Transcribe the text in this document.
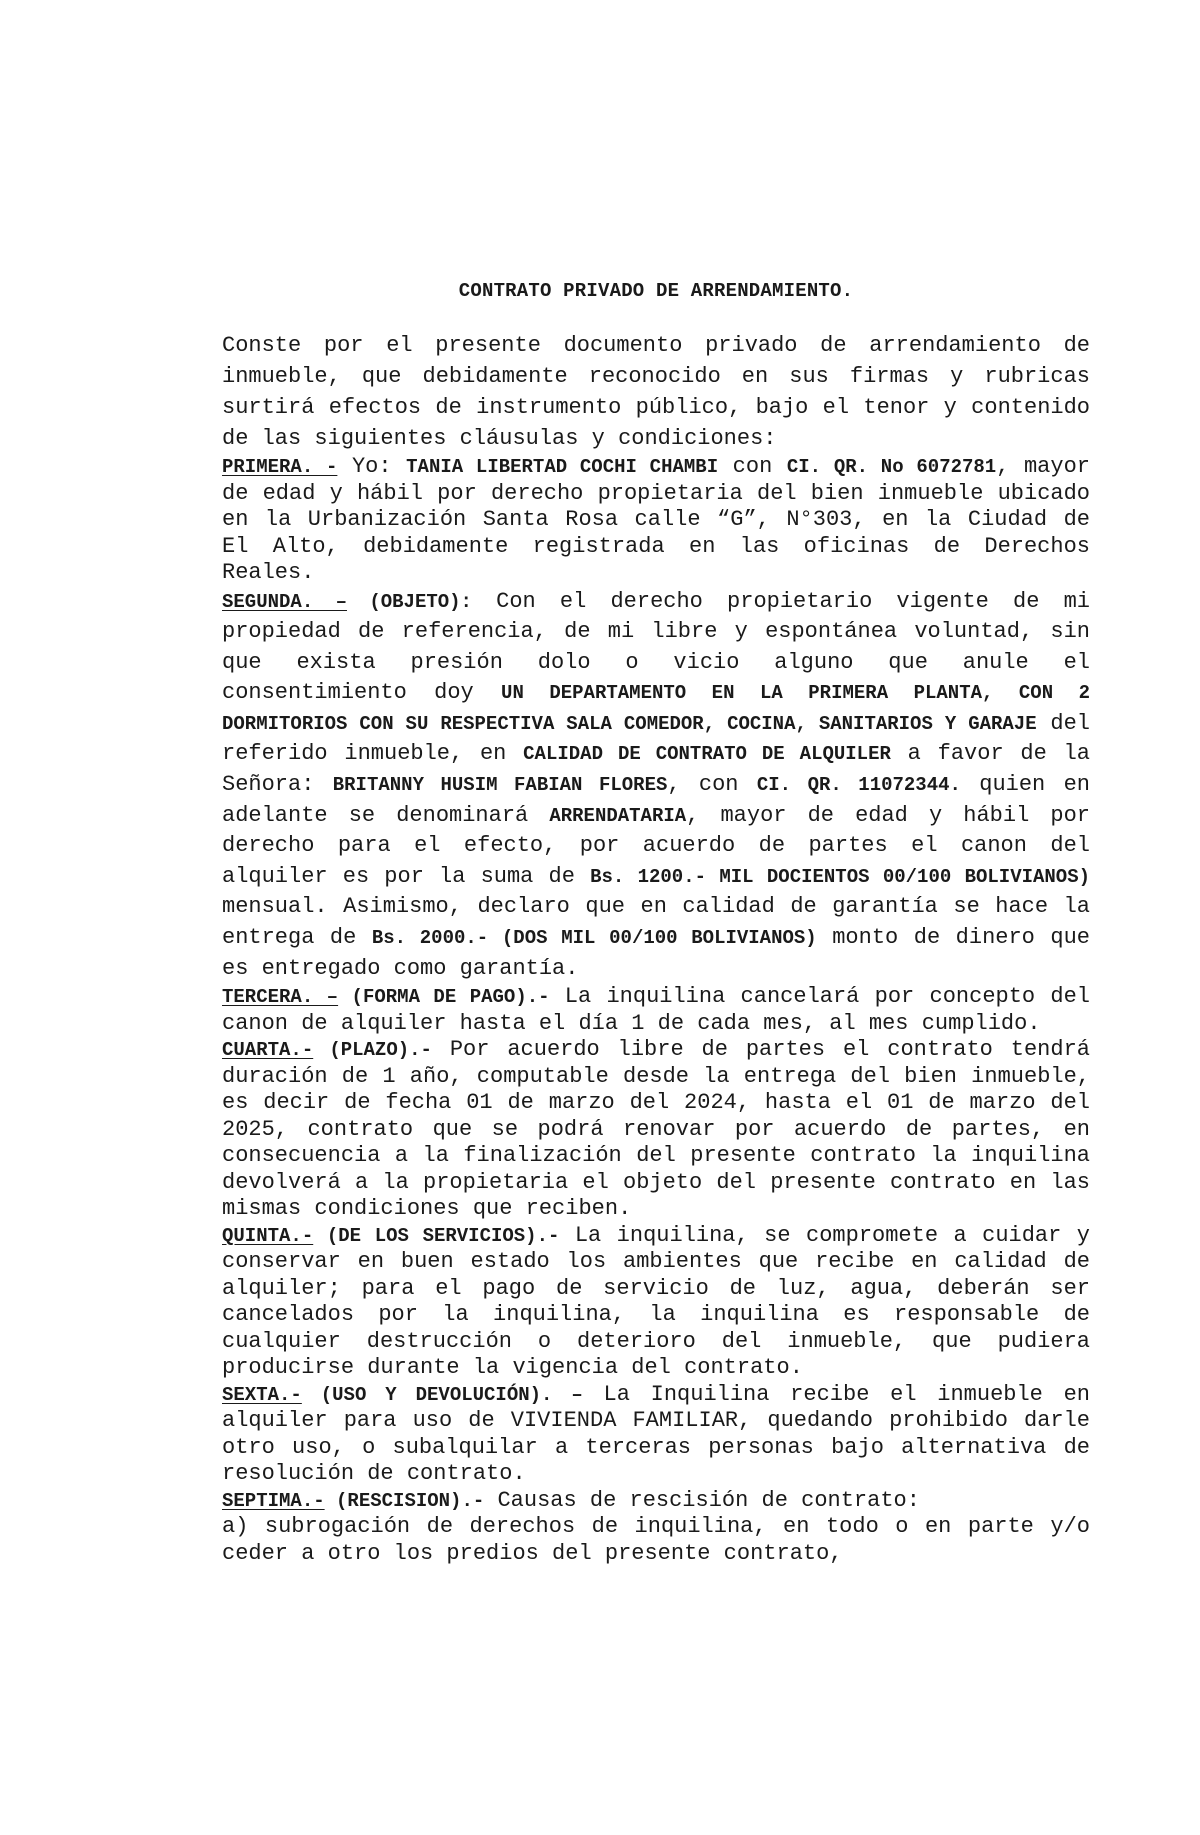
CONTRATO PRIVADO DE ARRENDAMIENTO.

Conste por el presente documento privado de arrendamiento de inmueble, que debidamente reconocido en sus firmas y rubricas surtirá efectos de instrumento público, bajo el tenor y contenido de las siguientes cláusulas y condiciones:

PRIMERA. - Yo: TANIA LIBERTAD COCHI CHAMBI con CI. QR. No 6072781, mayor de edad y hábil por derecho propietaria del bien inmueble ubicado en la Urbanización Santa Rosa calle “G”, N°303, en la Ciudad de El Alto, debidamente registrada en las oficinas de Derechos Reales.

SEGUNDA. – (OBJETO): Con el derecho propietario vigente de mi propiedad de referencia, de mi libre y espontánea voluntad, sin que exista presión dolo o vicio alguno que anule el consentimiento doy UN DEPARTAMENTO EN LA PRIMERA PLANTA, CON 2 DORMITORIOS CON SU RESPECTIVA SALA COMEDOR, COCINA, SANITARIOS Y GARAJE del referido inmueble, en CALIDAD DE CONTRATO DE ALQUILER a favor de la Señora: BRITANNY HUSIM FABIAN FLORES, con CI. QR. 11072344. quien en adelante se denominará ARRENDATARIA, mayor de edad y hábil por derecho para el efecto, por acuerdo de partes el canon del alquiler es por la suma de Bs. 1200.- MIL DOCIENTOS 00/100 BOLIVIANOS) mensual. Asimismo, declaro que en calidad de garantía se hace la entrega de Bs. 2000.- (DOS MIL 00/100 BOLIVIANOS) monto de dinero que es entregado como garantía.

TERCERA. – (FORMA DE PAGO).- La inquilina cancelará por concepto del canon de alquiler hasta el día 1 de cada mes, al mes cumplido.

CUARTA.- (PLAZO).- Por acuerdo libre de partes el contrato tendrá duración de 1 año, computable desde la entrega del bien inmueble, es decir de fecha 01 de marzo del 2024, hasta el 01 de marzo del 2025, contrato que se podrá renovar por acuerdo de partes, en consecuencia a la finalización del presente contrato la inquilina devolverá a la propietaria el objeto del presente contrato en las mismas condiciones que reciben.

QUINTA.- (DE LOS SERVICIOS).- La inquilina, se compromete a cuidar y conservar en buen estado los ambientes que recibe en calidad de alquiler; para el pago de servicio de luz, agua, deberán ser cancelados por la inquilina, la inquilina es responsable de cualquier destrucción o deterioro del inmueble, que pudiera producirse durante la vigencia del contrato.

SEXTA.- (USO Y DEVOLUCIÓN). – La Inquilina recibe el inmueble en alquiler para uso de VIVIENDA FAMILIAR, quedando prohibido darle otro uso, o subalquilar a terceras personas bajo alternativa de resolución de contrato.

SEPTIMA.- (RESCISION).- Causas de rescisión de contrato:
a) subrogación de derechos de inquilina, en todo o en parte y/o ceder a otro los predios del presente contrato,
